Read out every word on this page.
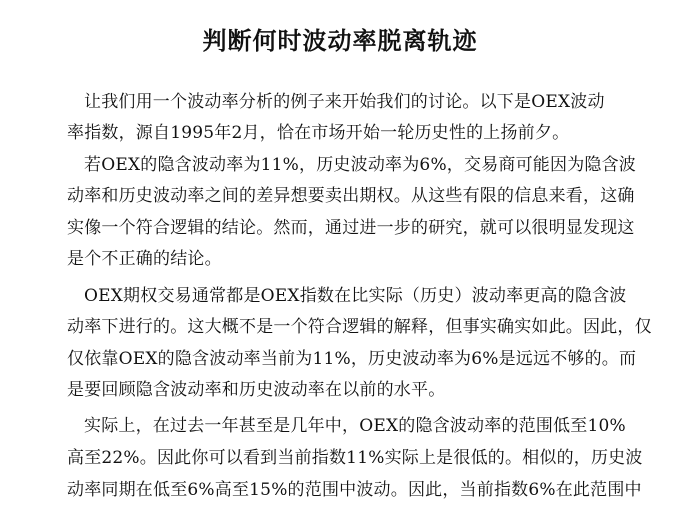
判断何时波动率脱离轨迹
让我们用一个波动率分析的例子来开始我们的讨论。以下是OEX波动
率指数，源自1995年2月，恰在市场开始一轮历史性的上扬前夕。
若OEX的隐含波动率为11%，历史波动率为6%，交易商可能因为隐含波
动率和历史波动率之间的差异想要卖出期权。从这些有限的信息来看，这确
实像一个符合逻辑的结论。然而，通过进一步的研究，就可以很明显发现这
是个不正确的结论。
OEX期权交易通常都是OEX指数在比实际（历史）波动率更高的隐含波
动率下进行的。这大概不是一个符合逻辑的解释，但事实确实如此。因此，仅
仅依靠OEX的隐含波动率当前为11%，历史波动率为6%是远远不够的。而
是要回顾隐含波动率和历史波动率在以前的水平。
实际上，在过去一年甚至是几年中，OEX的隐含波动率的范围低至10%
高至22%。因此你可以看到当前指数11%实际上是很低的。相似的，历史波
动率同期在低至6%高至15%的范围中波动。因此，当前指数6%在此范围中
